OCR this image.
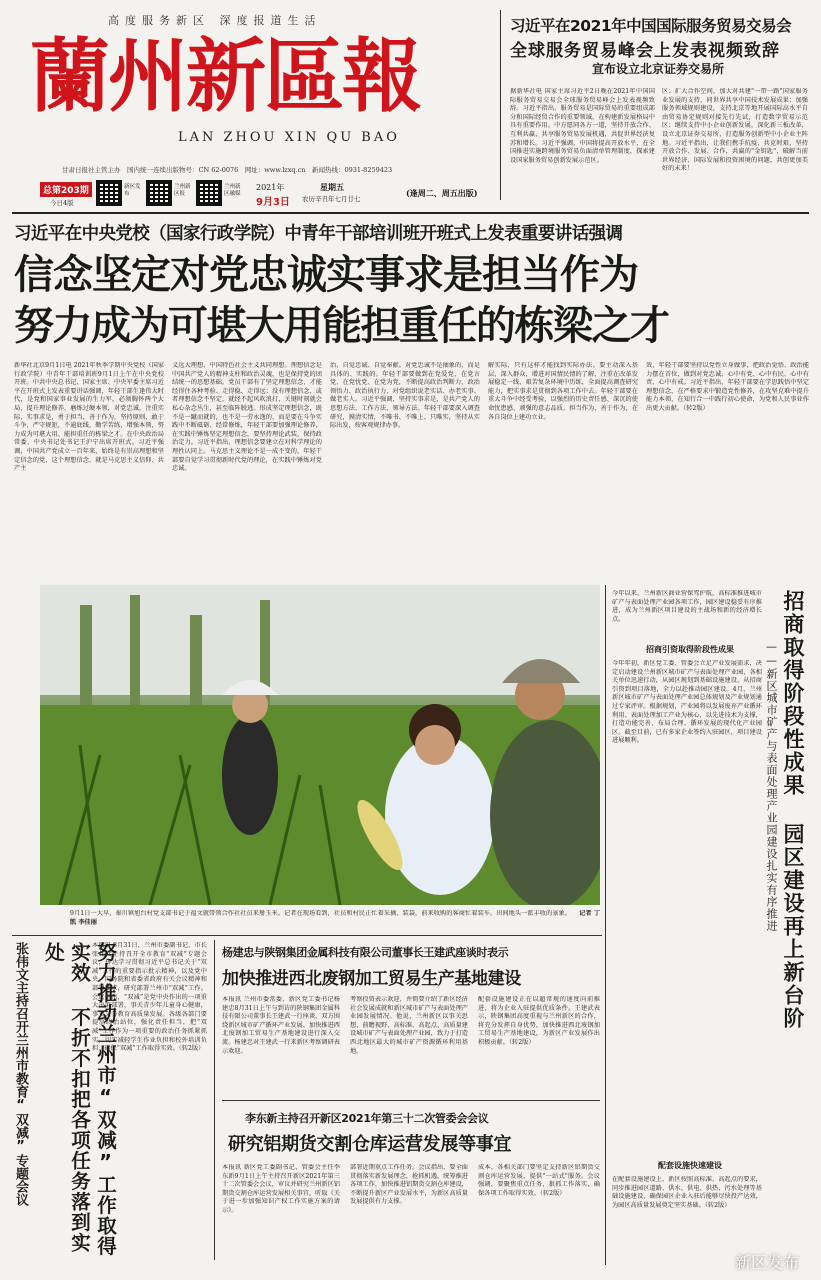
高度服务新区 深度报道生活
蘭州新區報
LAN ZHOU XIN QU BAO
甘肃日报社主管主办　国内统一连续出版物号：CN 62-0076　网址：www.lzxq.cn　新闻热线：0931-8259423
习近平在2021年中国国际服务贸易交易会
全球服务贸易峰会上发表视频致辞
宣布设立北京证券交易所
据新华社电 国家主席习近平2日晚在2021年中国国际服务贸易交易会全球服务贸易峰会上发表视频致辞。习近平指出，服务贸易是国际贸易的重要组成部分和国际经贸合作的重要领域，在构建新发展格局中具有重要作用。中方愿同各方一道，坚持开放合作、互利共赢，共享服务贸易发展机遇，共促世界经济复苏和增长。习近平强调，中国将提高开放水平，在全国推进实施跨境服务贸易负面清单管理制度，探索建设国家服务贸易创新发展示范区。
区；扩大合作空间，加大对共建"一带一路"国家服务业发展的支持，同世界共享中国技术发展成果；加强服务领域规则建设，支持北京等地开展国际高水平自由贸易协定规则对接先行先试，打造数字贸易示范区；继续支持中小企业创新发展，深化新三板改革，设立北京证券交易所，打造服务创新型中小企业主阵地。习近平指出，让我们携手抗疫、共克时艰，坚持开放合作、发展、合作，共赢的"金钥匙"，破解当前世界经济、国际发展和投资困境的问题，共创更加美好的未来！
总第203期
今日4版
新区发布
兰州新区报
兰州新区融媒
2021年
9月3日
星期五
农历辛丑年七月廿七
(逢周二、周五出版)
习近平在中央党校（国家行政学院）中青年干部培训班开班式上发表重要讲话强调
信念坚定对党忠诚实事求是担当作为
努力成为可堪大用能担重任的栋梁之才
新华社北京9月1日电 2021年秋季学期中央党校（国家行政学院）中青年干部培训班9月1日上午在中央党校开班。中共中央总书记、国家主席、中央军委主席习近平在开班式上发表重要讲话强调，年轻干部生逢伟大时代，是党和国家事业发展的生力军，必须胸怀两个大局，提升理论修养，磨炼过硬本领，对党忠诚，注重实际，实事求是，勇于担当，善于作为，坚持原则，敢于斗争，严守规矩，不逾底线，勤学苦练，增强本领，努力成为可堪大用、能担重任的栋梁之才。在中央政治局常委、中央书记处书记王沪宁出席开班式。习近平强调，中国共产党成立一百年来，始终是有崇高理想和坚定信念的党，这个理想信念，就是马克思主义信仰、共产主
义远大理想、中国特色社会主义共同理想。理想信念是中国共产党人的精神支柱和政治灵魂，也是保持党的团结统一的思想基础。党员干部有了坚定理想信念，才能经得住各种考验、走得稳、走得远；没有理想信念，或者理想信念不坚定，就经不起风吹浪打，关键时刻就会私心杂念丛生，甚至临阵脱逃。形成坚定理想信念，既不是一蹴而就的，也不是一劳永逸的，而是要在斗争实践中不断砥砺、经常修炼，年轻干部要加强理论修养，在实践中锤炼坚定理想信念，要坚持理论武装，保持政治定力。习近平指出，理想信念要建立在对科学理论的理性认同上。马克思主义理论不是一成不变的，年轻干部要自觉学习贯彻新时代党的理论，在实践中锤炼对党忠诚。
治、自觉忠诚、自觉奉献。对党忠诚不是抽象的，而是具体的、实践的。年轻干部要做到在党爱党、在党言党、在党忧党、在党为党，不断提高政治判断力、政治领悟力、政治执行力，对党组织说老实话、办老实事、做老实人。习近平强调，坚持实事求是，是共产党人的思想方法、工作方法、领导方法。年轻干部要深入调查研究，摸清实情，不唯书、不唯上、只唯实，坚持从实际出发，按客观规律办事。
解实际，只有这样才能找到实际办法。要主动深入基层，深入群众，增进对国情民情的了解，注重在改革发展稳定一线、艰苦复杂环境中历练，全面提高调查研究能力，把实事求是贯彻到各项工作中去。年轻干部要在重大斗争中经受考验，以强烈的历史责任感、深沉的使命忧患感、顽强的意志品质，担当作为、善于作为，在各自岗位上建功立业。
效，年轻干部要坚持以党性立身做事，把政治觉悟、政治能力摆在首位，做到对党忠诚、心中有党、心中有民、心中有责、心中有戒。习近平指出，年轻干部要在学思践悟中坚定理想信念，在严格要求中锻造党性修养，在攻坚克难中提升能力本领，在知行合一中践行初心使命，为党和人民事业作出更大贡献。（转2版）
9月1日一大早，秦川镇旭台村党支部书记于福文就带领合作社社员来掰玉米。记者在现场看到，社员和村民正忙着采摘、装袋，前来收购的客商忙着装车，田间地头一派丰收的景象。 记者 丁凯 李佳丽
今年以来，兰州新区商业营保驾护航，高标准推进城市矿产与表面处理产业园各项工作，园区建设稳妥有序推进，成为兰州新区项目建设的主战场和新的经济增长点。
招商引资取得阶段性成果
今年年初，新区党工委、管委会立足产业发展需求，决定启动建设兰州新区城市矿产与表面处理产业园，各相关单位迅速行动，从园区规划到基础设施建设、从招商引资到项目落地，全力以赴推动园区建设。4月，兰州新区城市矿产与表面处理产业园总体规划及产业规划通过专家评审。根据规划，产业园将以发展废弃产业循环利用、表面处理加工产业为核心，以先进技术为支撑，打造功能完善、布局合理、循环发展的现代化产业园区。截至目前，已有多家企业签约入驻园区，项目建设进展顺利。
配套设施快速建设
在配套设施建设上，新区按照高标准、高起点的要求，同步推进园区道路、供水、供电、供热、污水处理等基础设施建设，确保园区企业入驻后能够尽快投产达效，为园区高质量发展奠定坚实基础。（转2版）
招商取得阶段性成果 园区建设再上新台阶
——新区城市矿产与表面处理产业园建设扎实有序推进
努力推动兰州市“双减”工作取得实效 不折不扣把各项任务落到实处
张伟文主持召开兰州市教育“双减”专题会议	本报讯 8月31日，兰州市委副书记、市长张伟文主持召开全市教育“双减”专题会议，传达学习贯彻习近平总书记关于“双减”工作的重要指示批示精神，以及党中央、国务院和省委省政府有关会议精神和部署要求，研究部署兰州市“双减”工作。会议指出，“双减”是党中央作出的一项重大决策部署，事关青少年儿童身心健康，事关义务教育高质量发展。各级各部门要提高政治站位，强化责任担当，把“双减”工作作为一项重要的政治任务抓紧抓实，切实减轻学生作业负担和校外培训负担，确保“双减”工作取得实效。（转2版）
杨建忠与陕钢集团金属科技有限公司董事长王建武座谈时表示
加快推进西北废钢加工贸易生产基地建设
本报讯 兰州市委常委、新区党工委书记杨建忠8月31日上午与到访的陕钢集团金属科技有限公司董事长王建武一行座谈，双方围绕新区城市矿产循环产业发展、加快推进西北废钢加工贸易生产基地建设进行深入交流。杨建忠对王建武一行来新区考察调研表示欢迎。
考察投资表示欢迎，并简要介绍了新区经济社会发展成就和新区城市矿产与表面处理产业园发展情况。他说，兰州新区以事关思想、前瞻视野、高标准、高起点、高质量建设城市矿产与表面处理产业园，致力于打造西北地区最大的城市矿产资源循环利用基地。
配套设施建设正在以超常规的速度向前推进，将为企业入驻提供优质条件。王建武表示，陕钢集团高度重视与兰州新区的合作，将充分发挥自身优势，加快推进西北废钢加工贸易生产基地建设，为新区产业发展作出积极贡献。（转2版）
李东新主持召开新区2021年第三十二次管委会会议
研究铝期货交割仓库运营发展等事宜
本报讯 新区党工委副书记、管委会主任李东新9月1日上午主持召开新区2021年第三十二次管委会会议，审议并研究兰州新区铝期货交割仓库运营发展相关事宜，听取《关于进一步加强知识产权工作实施方案的请示》。
部署近期重点工作任务。会议指出，要全面贯彻落实新发展理念，抢抓机遇，统筹推进各项工作，加快推进铝期货交割仓库建设，不断提升新区产业发展水平，为新区高质量发展提供有力支撑。
成本，各相关部门要坚定支持新区铝期货交割仓库运营发展，提供"一站式"服务。会议强调，要聚焦重点任务，狠抓工作落实，确保各项工作取得实效。（转2版）
新区发布
